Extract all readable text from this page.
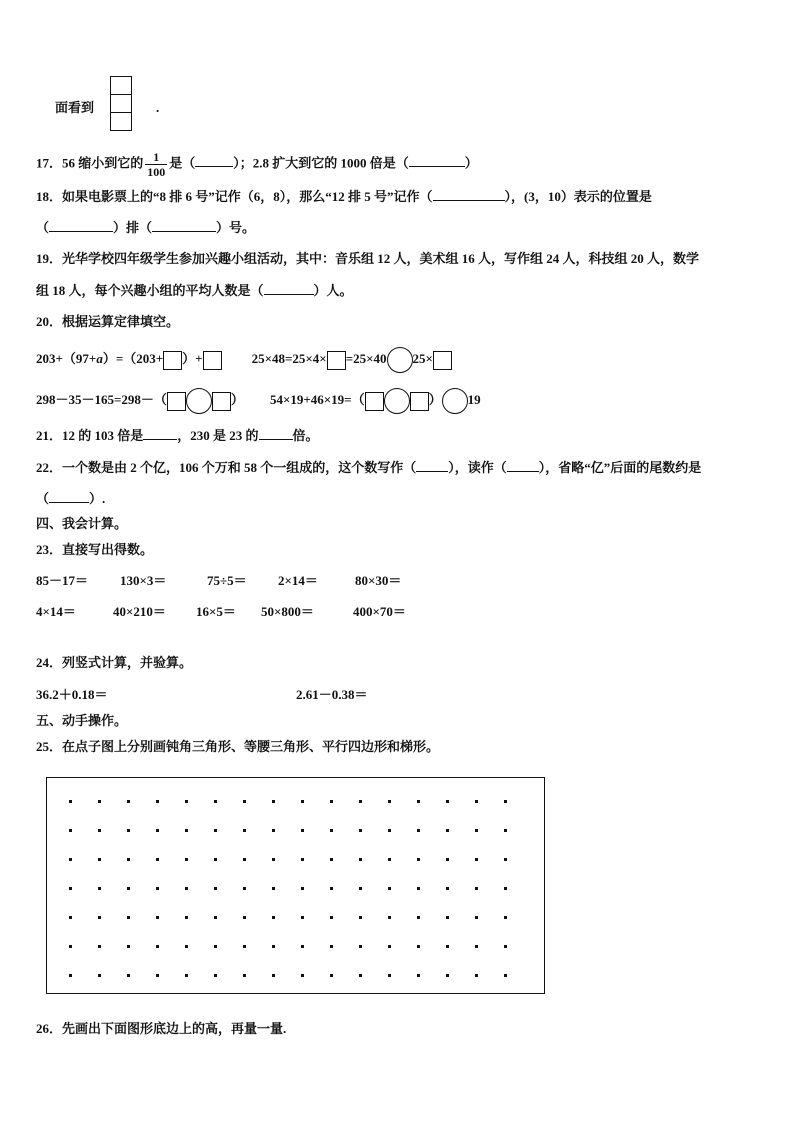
面看到	.
17．56 缩小到它的 $\frac{1}{100}$ 是（	）；2.8 扩大到它的 1000 倍是（	）
18．如果电影票上的“8 排 6 号”记作（6，8），那么“12 排 5 号”记作（	），(3，10）表示的位置是
（	）排（	）号。
19．光华学校四年级学生参加兴趣小组活动，其中：音乐组 12 人，美术组 16 人，写作组 24 人，科技组 20 人，数学
组 18 人，每个兴趣小组的平均人数是（	）人。
20．根据运算定律填空。
203+（97+a）=（203+ ）+	25×48=25×4× =25×40 25×
298－35－165=298－（	） 54×19+46×19=（	） 19
21．12 的 103 倍是	，230 是 23 的	倍。
22．一个数是由 2 个亿，106 个万和 58 个一组成的，这个数写作（ ），读作（ ），省略“亿”后面的尾数约是
（	）.
四、我会计算。
23．直接写出得数。
85－17＝ 130×3＝	75÷5＝ 2×14＝	80×30＝
4×14＝	40×210＝ 16×5＝ 50×800＝	400×70＝
24．列竖式计算，并验算。
36.2＋0.18＝	2.61－0.38＝
五、动手操作。
25．在点子图上分别画钝角三角形、等腰三角形、平行四边形和梯形。
26．先画出下面图形底边上的高，再量一量.
